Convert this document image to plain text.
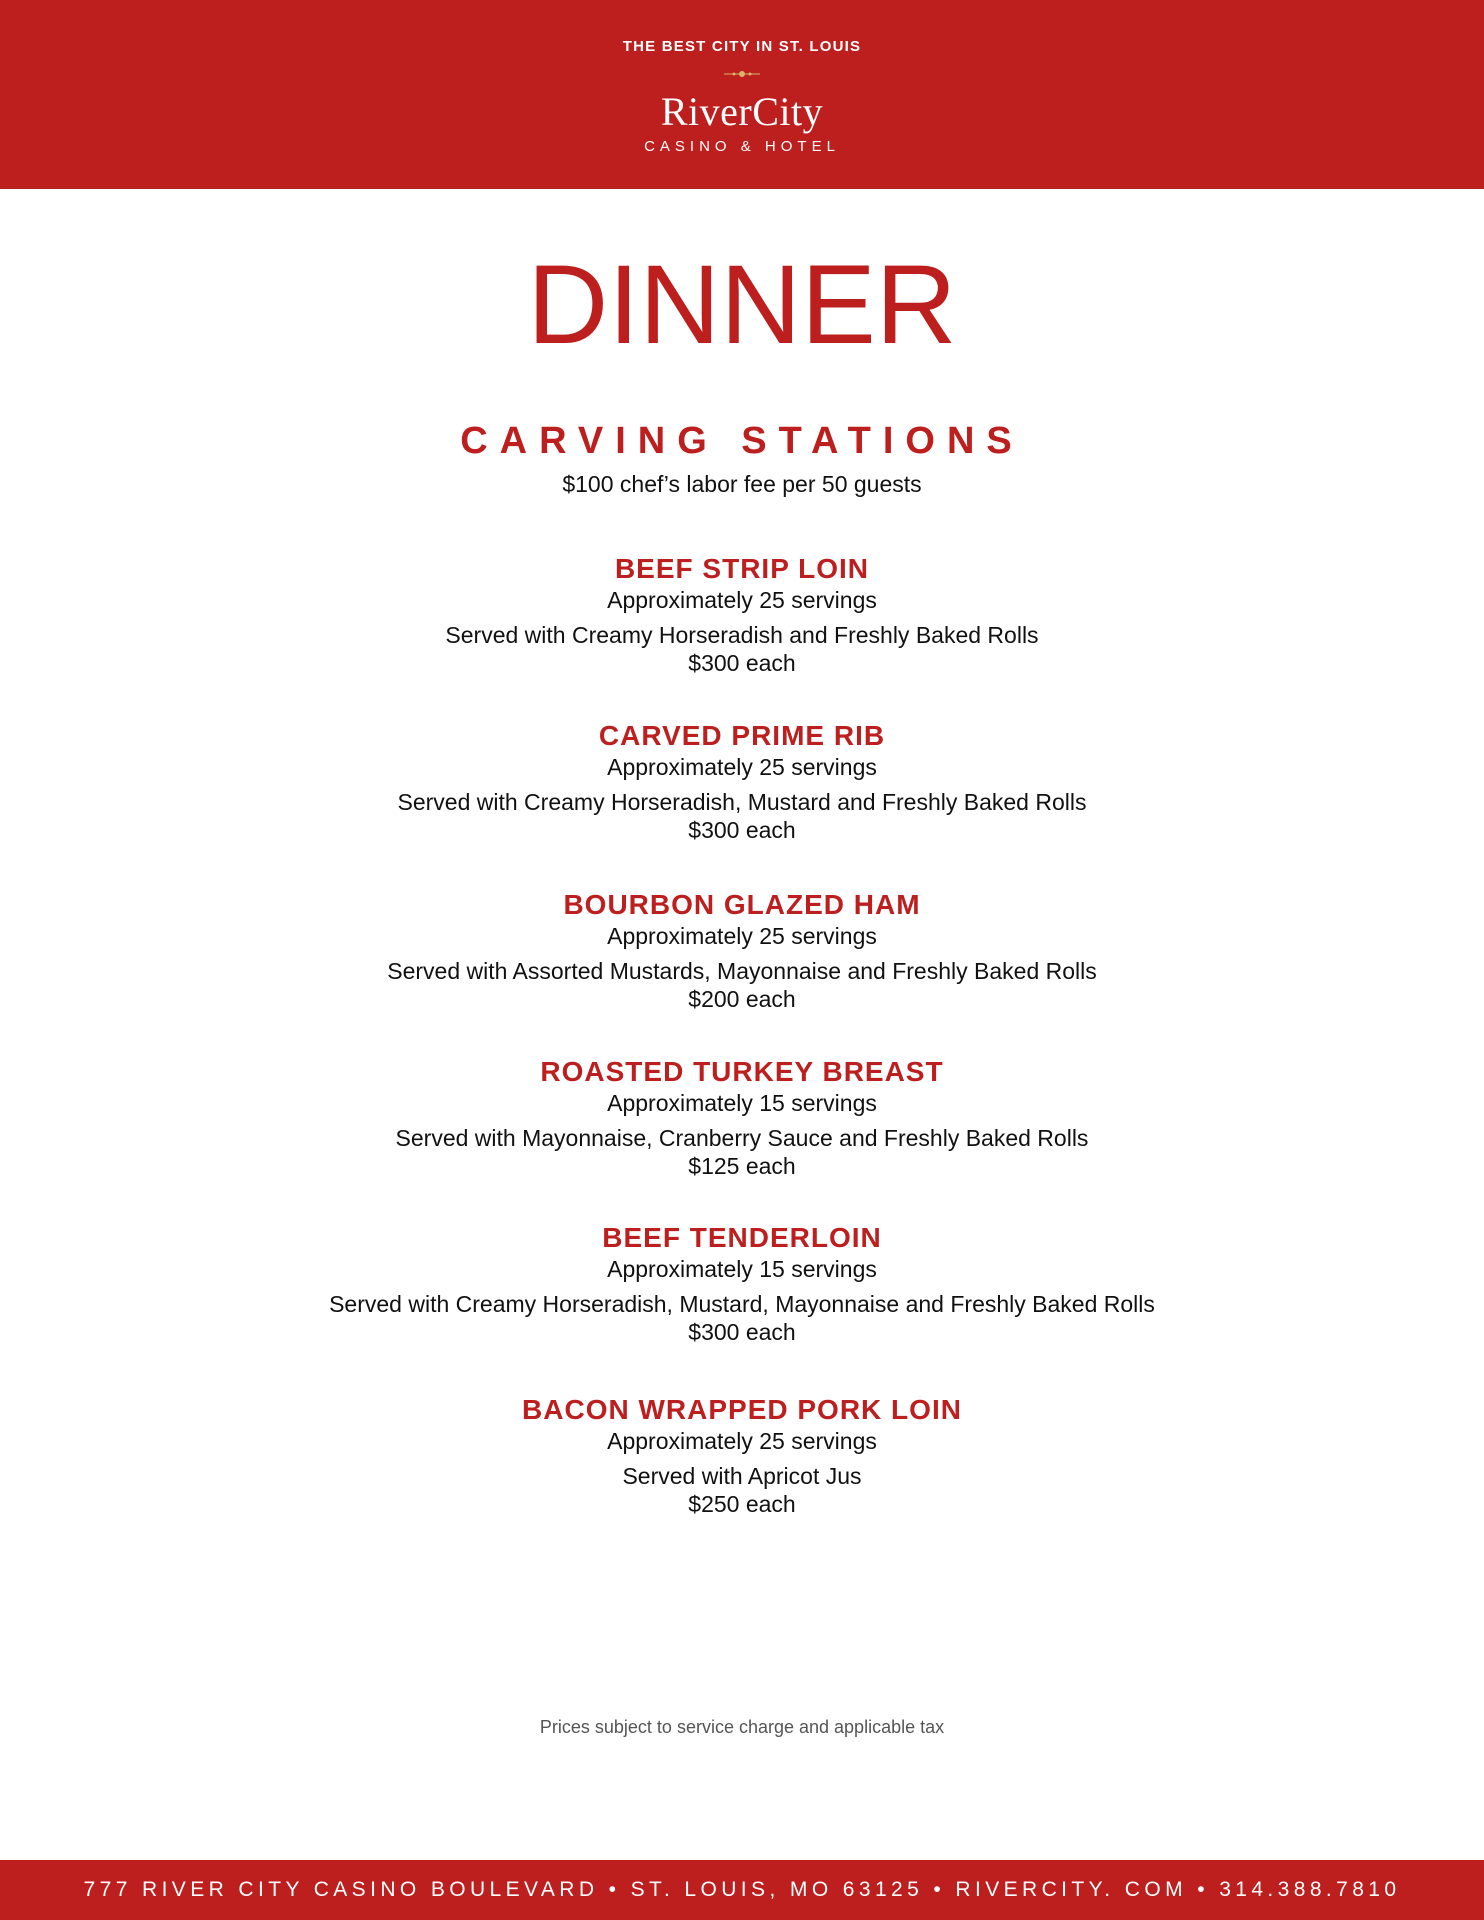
THE BEST CITY IN ST. LOUIS
RiverCity
CASINO & HOTEL
DINNER
CARVING STATIONS
$100 chef’s labor fee per 50 guests
BEEF STRIP LOIN
Approximately 25 servings
Served with Creamy Horseradish and Freshly Baked Rolls
$300 each
CARVED PRIME RIB
Approximately 25 servings
Served with Creamy Horseradish, Mustard and Freshly Baked Rolls
$300 each
BOURBON GLAZED HAM
Approximately 25 servings
Served with Assorted Mustards, Mayonnaise and Freshly Baked Rolls
$200 each
ROASTED TURKEY BREAST
Approximately 15 servings
Served with Mayonnaise, Cranberry Sauce and Freshly Baked Rolls
$125 each
BEEF TENDERLOIN
Approximately 15 servings
Served with Creamy Horseradish, Mustard, Mayonnaise and Freshly Baked Rolls
$300 each
BACON WRAPPED PORK LOIN
Approximately 25 servings
Served with Apricot Jus
$250 each
Prices subject to service charge and applicable tax
777 RIVER CITY CASINO BOULEVARD • ST. LOUIS, MO 63125 • RIVERCITY. COM • 314.388.7810
